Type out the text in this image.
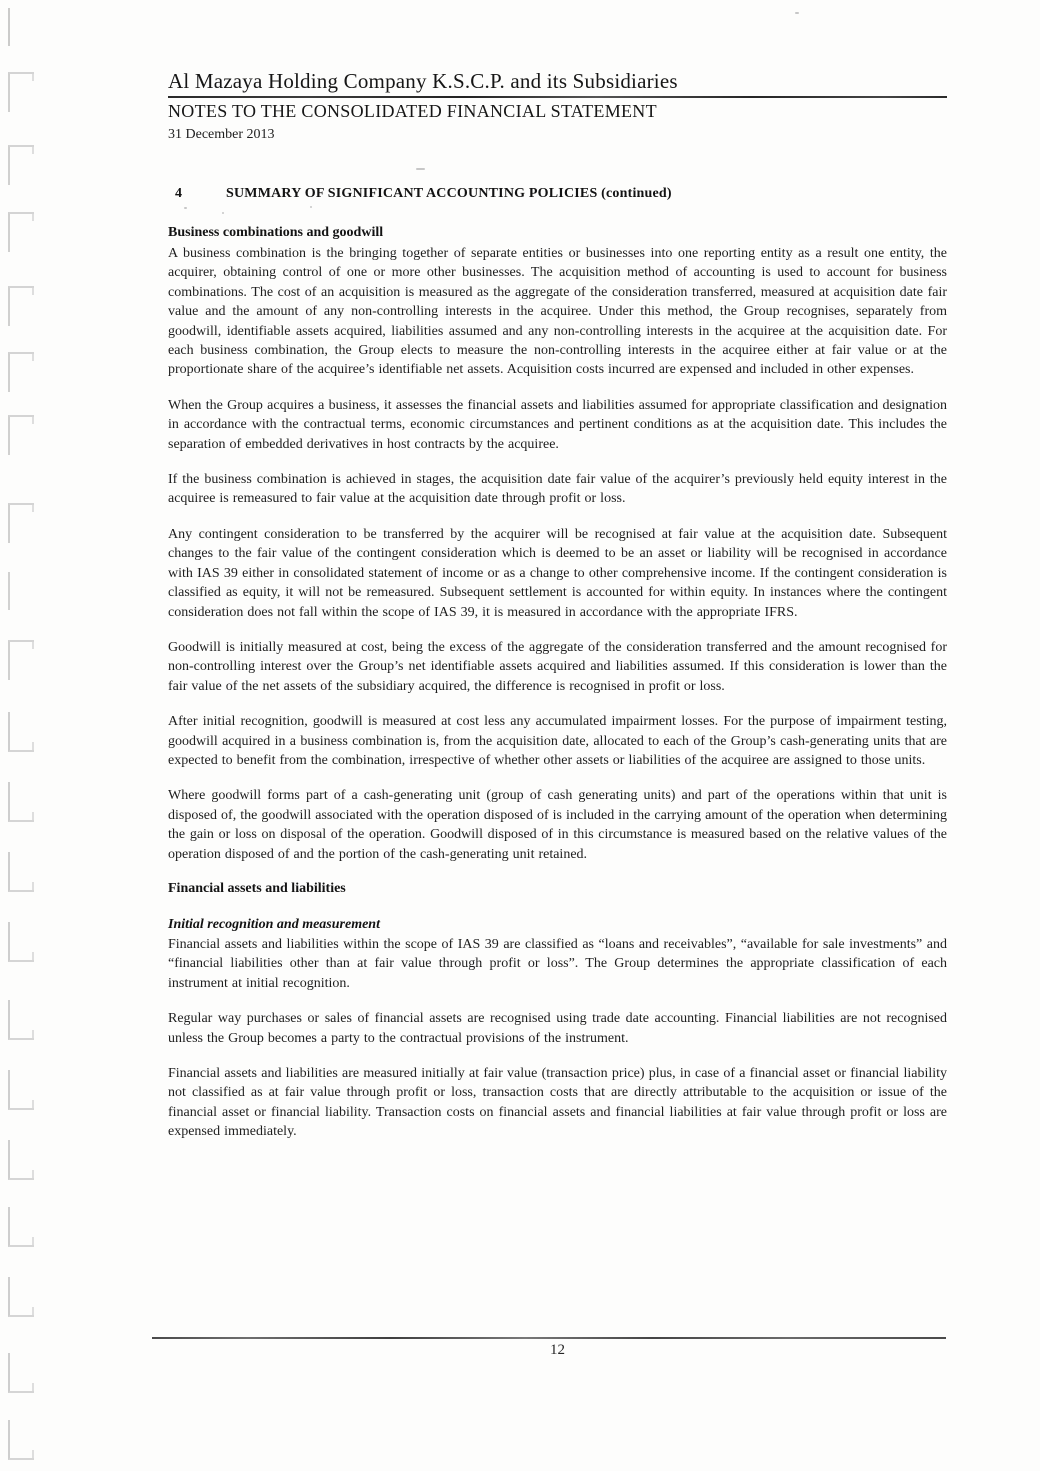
Al Mazaya Holding Company K.S.C.P. and its Subsidiaries
NOTES TO THE CONSOLIDATED FINANCIAL STATEMENT
31 December 2013
4	SUMMARY OF SIGNIFICANT ACCOUNTING POLICIES (continued)
Business combinations and goodwill

A business combination is the bringing together of separate entities or businesses into one reporting entity as a result one entity, the acquirer, obtaining control of one or more other businesses. The acquisition method of accounting is used to account for business combinations. The cost of an acquisition is measured as the aggregate of the consideration transferred, measured at acquisition date fair value and the amount of any non-controlling interests in the acquiree. Under this method, the Group recognises, separately from goodwill, identifiable assets acquired, liabilities assumed and any non-controlling interests in the acquiree at the acquisition date. For each business combination, the Group elects to measure the non-controlling interests in the acquiree either at fair value or at the proportionate share of the acquiree’s identifiable net assets. Acquisition costs incurred are expensed and included in other expenses.

When the Group acquires a business, it assesses the financial assets and liabilities assumed for appropriate classification and designation in accordance with the contractual terms, economic circumstances and pertinent conditions as at the acquisition date. This includes the separation of embedded derivatives in host contracts by the acquiree.

If the business combination is achieved in stages, the acquisition date fair value of the acquirer’s previously held equity interest in the acquiree is remeasured to fair value at the acquisition date through profit or loss.

Any contingent consideration to be transferred by the acquirer will be recognised at fair value at the acquisition date. Subsequent changes to the fair value of the contingent consideration which is deemed to be an asset or liability will be recognised in accordance with IAS 39 either in consolidated statement of income or as a change to other comprehensive income. If the contingent consideration is classified as equity, it will not be remeasured. Subsequent settlement is accounted for within equity. In instances where the contingent consideration does not fall within the scope of IAS 39, it is measured in accordance with the appropriate IFRS.

Goodwill is initially measured at cost, being the excess of the aggregate of the consideration transferred and the amount recognised for non-controlling interest over the Group’s net identifiable assets acquired and liabilities assumed. If this consideration is lower than the fair value of the net assets of the subsidiary acquired, the difference is recognised in profit or loss.

After initial recognition, goodwill is measured at cost less any accumulated impairment losses. For the purpose of impairment testing, goodwill acquired in a business combination is, from the acquisition date, allocated to each of the Group’s cash-generating units that are expected to benefit from the combination, irrespective of whether other assets or liabilities of the acquiree are assigned to those units.

Where goodwill forms part of a cash-generating unit (group of cash generating units) and part of the operations within that unit is disposed of, the goodwill associated with the operation disposed of is included in the carrying amount of the operation when determining the gain or loss on disposal of the operation. Goodwill disposed of in this circumstance is measured based on the relative values of the operation disposed of and the portion of the cash-generating unit retained.

Financial assets and liabilities
Initial recognition and measurement

Financial assets and liabilities within the scope of IAS 39 are classified as “loans and receivables”, “available for sale investments” and “financial liabilities other than at fair value through profit or loss”. The Group determines the appropriate classification of each instrument at initial recognition.

Regular way purchases or sales of financial assets are recognised using trade date accounting. Financial liabilities are not recognised unless the Group becomes a party to the contractual provisions of the instrument.

Financial assets and liabilities are measured initially at fair value (transaction price) plus, in case of a financial asset or financial liability not classified as at fair value through profit or loss, transaction costs that are directly attributable to the acquisition or issue of the financial asset or financial liability. Transaction costs on financial assets and financial liabilities at fair value through profit or loss are expensed immediately.

12
